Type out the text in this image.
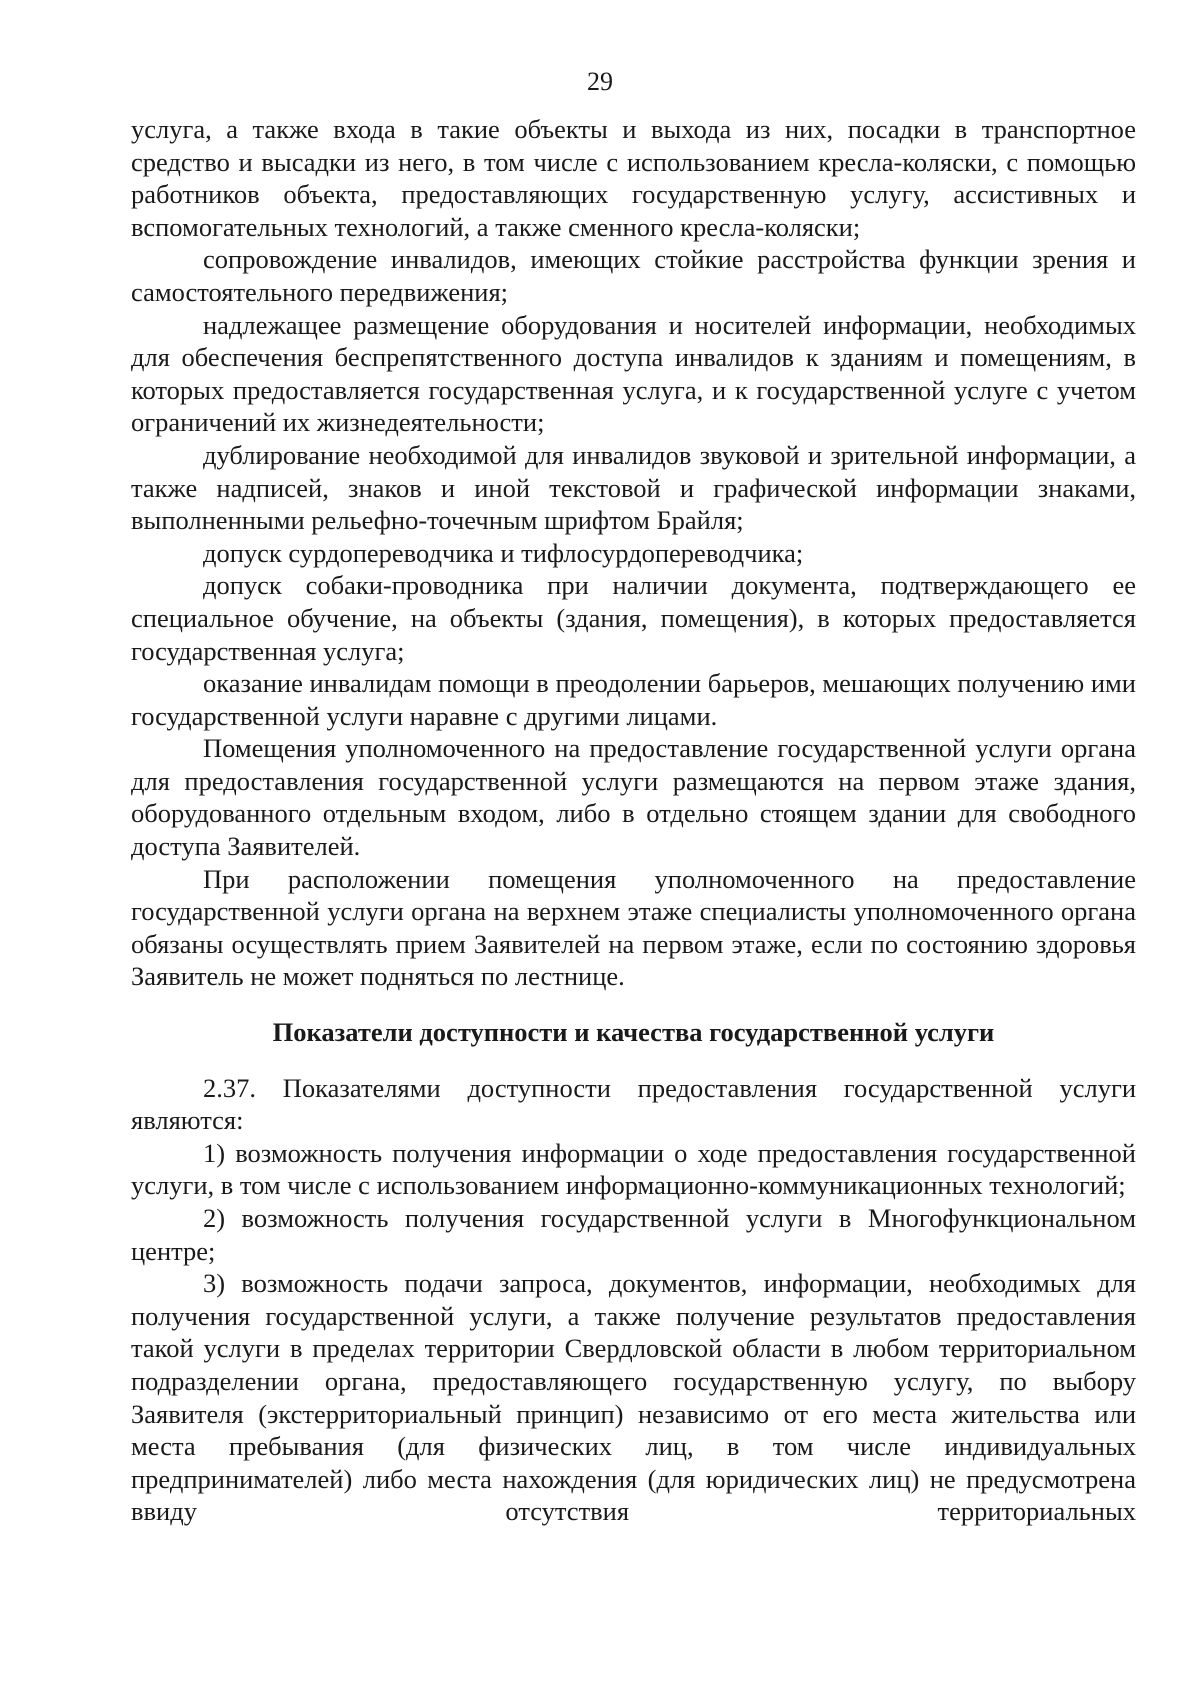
29

услуга, а также входа в такие объекты и выхода из них, посадки в транспортное средство и высадки из него, в том числе с использованием кресла-коляски, с помощью работников объекта, предоставляющих государственную услугу, ассистивных и вспомогательных технологий, а также сменного кресла-коляски;

сопровождение инвалидов, имеющих стойкие расстройства функции зрения и самостоятельного передвижения;

надлежащее размещение оборудования и носителей информации, необходимых для обеспечения беспрепятственного доступа инвалидов к зданиям и помещениям, в которых предоставляется государственная услуга, и к государственной услуге с учетом ограничений их жизнедеятельности;

дублирование необходимой для инвалидов звуковой и зрительной информации, а также надписей, знаков и иной текстовой и графической информации знаками, выполненными рельефно-точечным шрифтом Брайля;

допуск сурдопереводчика и тифлосурдопереводчика;

допуск собаки-проводника при наличии документа, подтверждающего ее специальное обучение, на объекты (здания, помещения), в которых предоставляется государственная услуга;

оказание инвалидам помощи в преодолении барьеров, мешающих получению ими государственной услуги наравне с другими лицами.

Помещения уполномоченного на предоставление государственной услуги органа для предоставления государственной услуги размещаются на первом этаже здания, оборудованного отдельным входом, либо в отдельно стоящем здании для свободного доступа Заявителей.

При расположении помещения уполномоченного на предоставление государственной услуги органа на верхнем этаже специалисты уполномоченного органа обязаны осуществлять прием Заявителей на первом этаже, если по состоянию здоровья Заявитель не может подняться по лестнице.

Показатели доступности и качества государственной услуги

2.37. Показателями доступности предоставления государственной услуги являются:

1) возможность получения информации о ходе предоставления государственной услуги, в том числе с использованием информационно-коммуникационных технологий;

2) возможность получения государственной услуги в Многофункциональном центре;

3) возможность подачи запроса, документов, информации, необходимых для получения государственной услуги, а также получение результатов предоставления такой услуги в пределах территории Свердловской области в любом территориальном подразделении органа, предоставляющего государственную услугу, по выбору Заявителя (экстерриториальный принцип) независимо от его места жительства или места пребывания (для физических лиц, в том числе индивидуальных предпринимателей) либо места нахождения (для юридических лиц) не предусмотрена ввиду отсутствия территориальных
